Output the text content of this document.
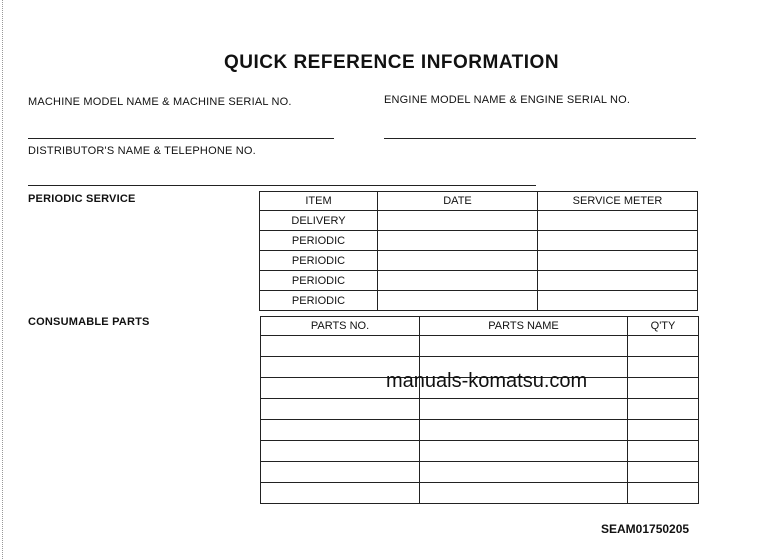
QUICK REFERENCE INFORMATION
MACHINE MODEL NAME & MACHINE SERIAL NO.	ENGINE MODEL NAME & ENGINE SERIAL NO.
DISTRIBUTOR'S NAME & TELEPHONE NO.
PERIODIC SERVICE	ITEM	DATE	SERVICE METER
DELIVERY		
PERIODIC		
PERIODIC		
PERIODIC		
PERIODIC		
CONSUMABLE PARTS	PARTS NO.	PARTS NAME	Q'TY

manuals-komatsu.com
SEAM01750205
